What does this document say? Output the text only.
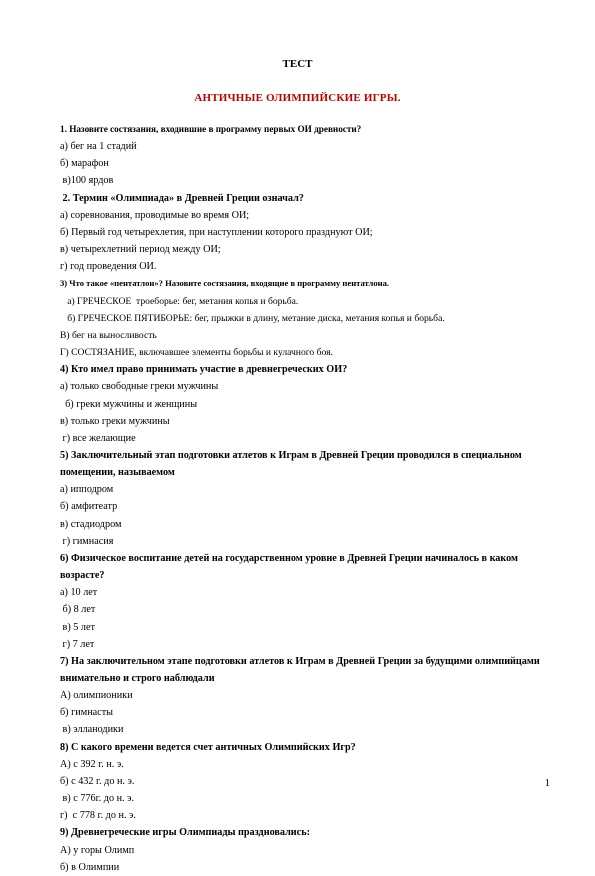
ТЕСТ
АНТИЧНЫЕ ОЛИМПИЙСКИЕ ИГРЫ.
1. Назовите состязания, входившие в программу первых ОИ древности?
а) бег на 1 стадий
б) марафон
в)100 ярдов
2. Термин «Олимпиада» в Древней Греции означал?
а) соревнования, проводимые во время ОИ;
б) Первый год четырехлетия, при наступлении которого празднуют ОИ;
в) четырехлетний период между ОИ;
г) год проведения ОИ.
3) Что такое «пентатлон»? Назовите состязания, входящие в программу пентатлона.
а) ГРЕЧЕСКОЕ  троеборье: бег, метания копья и борьба.
б) ГРЕЧЕСКОЕ ПЯТИБОРЬЕ: бег, прыжки в длину, метание диска, метания копья и борьба.
В) бег на выносливость
Г) СОСТЯЗАНИЕ, включавшее элементы борьбы и кулачного боя.
4) Кто имел право принимать участие в древнегреческих ОИ?
а) только свободные греки мужчины
б) греки мужчины и женщины
в) только греки мужчины
г) все желающие
5) Заключительный этап подготовки атлетов к Играм в Древней Греции проводился в специальном помещении, называемом
а) ипподром
б) амфитеатр
в) стадиодром
г) гимнасия
6) Физическое воспитание детей на государственном уровне в Древней Греции начиналось в каком возрасте?
а) 10 лет
б) 8 лет
в) 5 лет
г) 7 лет
7) На заключительном этапе подготовки атлетов к Играм в Древней Греции за будущими олимпийцами внимательно и строго наблюдали
А) олимпионики
б) гимнасты
в) элланодики
8) С какого времени ведется счет античных Олимпийских Игр?
А) с 392 г. н. э.
б) с 432 г. до н. э.
в) с 776г. до н. э.
г)  с 778 г. до н. э.
9) Древнегреческие игры Олимпиады праздновались:
А) у горы Олимп
б) в Олимпии
1
